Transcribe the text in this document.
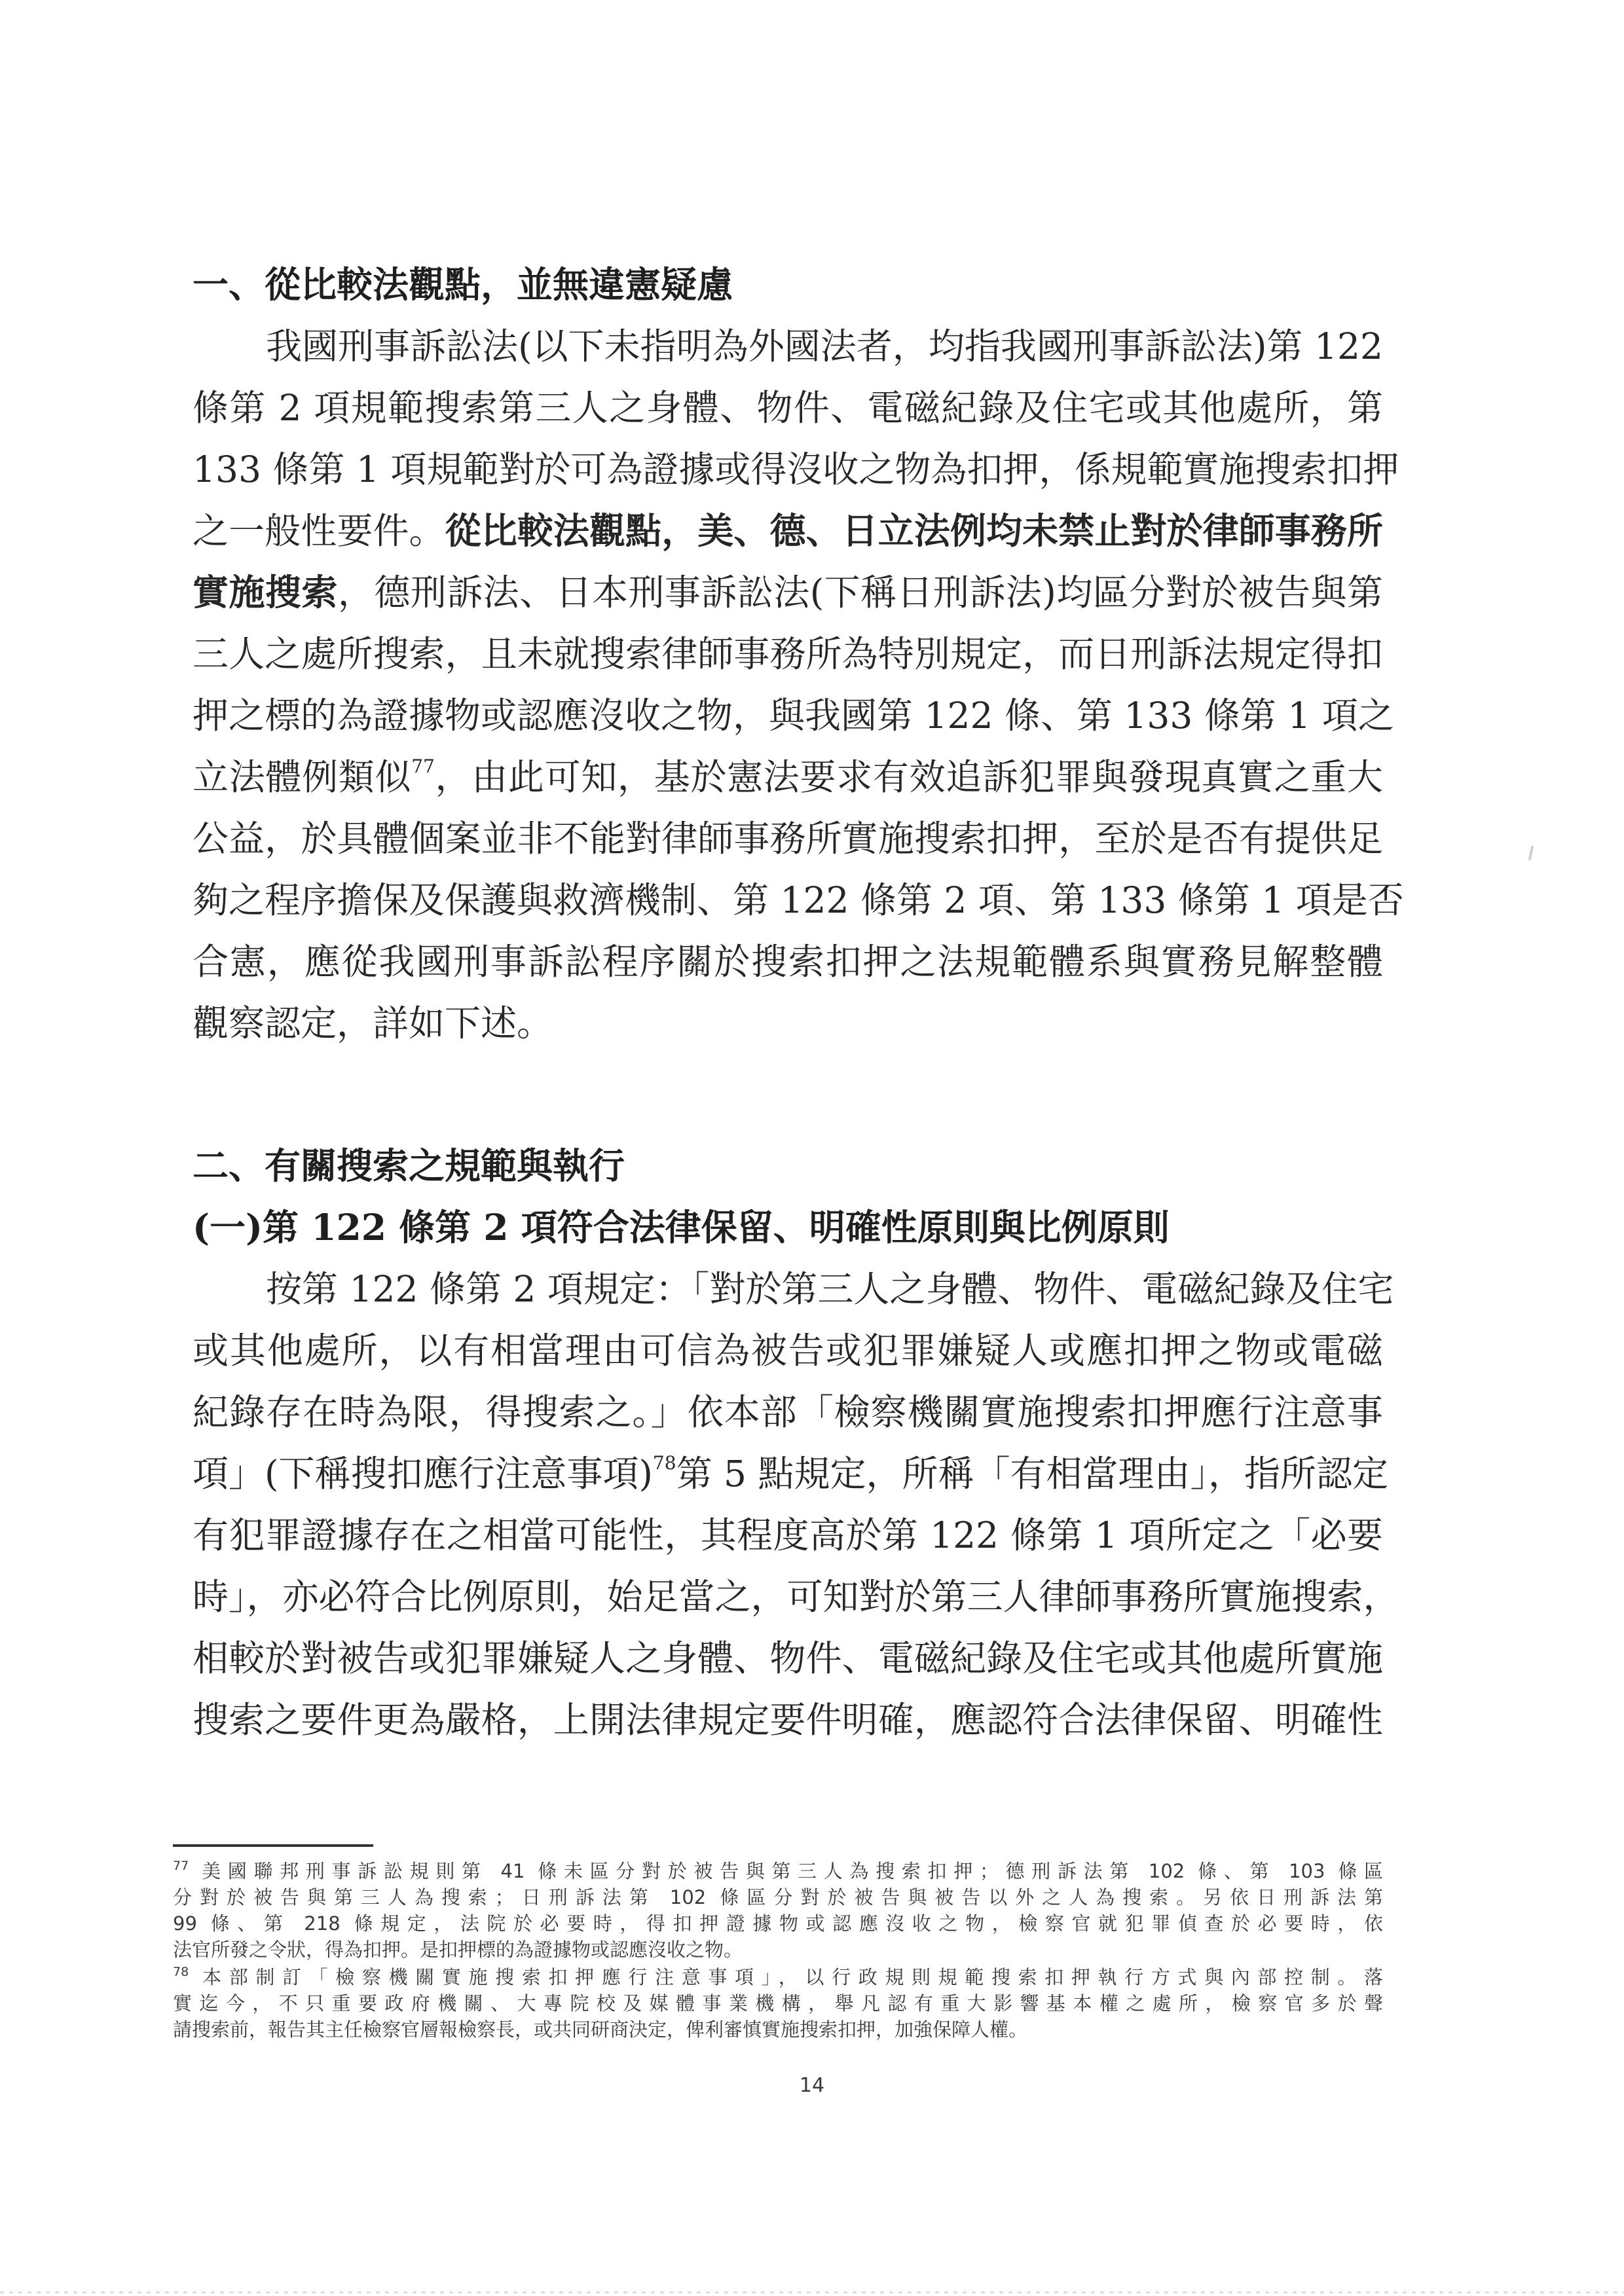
一、從比較法觀點，並無違憲疑慮
我國刑事訴訟法(以下未指明為外國法者，均指我國刑事訴訟法)第 122
條第 2 項規範搜索第三人之身體、物件、電磁紀錄及住宅或其他處所，第
133 條第 1 項規範對於可為證據或得沒收之物為扣押，係規範實施搜索扣押
之一般性要件。從比較法觀點，美、德、日立法例均未禁止對於律師事務所
實施搜索，德刑訴法、日本刑事訴訟法(下稱日刑訴法)均區分對於被告與第
三人之處所搜索，且未就搜索律師事務所為特別規定，而日刑訴法規定得扣
押之標的為證據物或認應沒收之物，與我國第 122 條、第 133 條第 1 項之
立法體例類似$^{77}$，由此可知，基於憲法要求有效追訴犯罪與發現真實之重大
公益，於具體個案並非不能對律師事務所實施搜索扣押，至於是否有提供足
夠之程序擔保及保護與救濟機制、第 122 條第 2 項、第 133 條第 1 項是否
合憲，應從我國刑事訴訟程序關於搜索扣押之法規範體系與實務見解整體
觀察認定，詳如下述。
二、有關搜索之規範與執行
(一)第 122 條第 2 項符合法律保留、明確性原則與比例原則
按第 122 條第 2 項規定：「對於第三人之身體、物件、電磁紀錄及住宅
或其他處所，以有相當理由可信為被告或犯罪嫌疑人或應扣押之物或電磁
紀錄存在時為限，得搜索之。」依本部「檢察機關實施搜索扣押應行注意事
項」(下稱搜扣應行注意事項)$^{78}$第 5 點規定，所稱「有相當理由」，指所認定
有犯罪證據存在之相當可能性，其程度高於第 122 條第 1 項所定之「必要
時」，亦必符合比例原則，始足當之，可知對於第三人律師事務所實施搜索，
相較於對被告或犯罪嫌疑人之身體、物件、電磁紀錄及住宅或其他處所實施
搜索之要件更為嚴格，上開法律規定要件明確，應認符合法律保留、明確性
$^{77}$ 美國聯邦刑事訴訟規則第 41 條未區分對於被告與第三人為搜索扣押；德刑訴法第 102 條、第 103 條區
分對於被告與第三人為搜索；日刑訴法第 102 條區分對於被告與被告以外之人為搜索。另依日刑訴法第
99 條、第 218 條規定，法院於必要時，得扣押證據物或認應沒收之物，檢察官就犯罪偵查於必要時，依
法官所發之令狀，得為扣押。是扣押標的為證據物或認應沒收之物。
$^{78}$ 本部制訂「檢察機關實施搜索扣押應行注意事項」，以行政規則規範搜索扣押執行方式與內部控制。落
實迄今，不只重要政府機關、大專院校及媒體事業機構，舉凡認有重大影響基本權之處所，檢察官多於聲
請搜索前，報告其主任檢察官層報檢察長，或共同研商決定，俾利審慎實施搜索扣押，加強保障人權。
14
